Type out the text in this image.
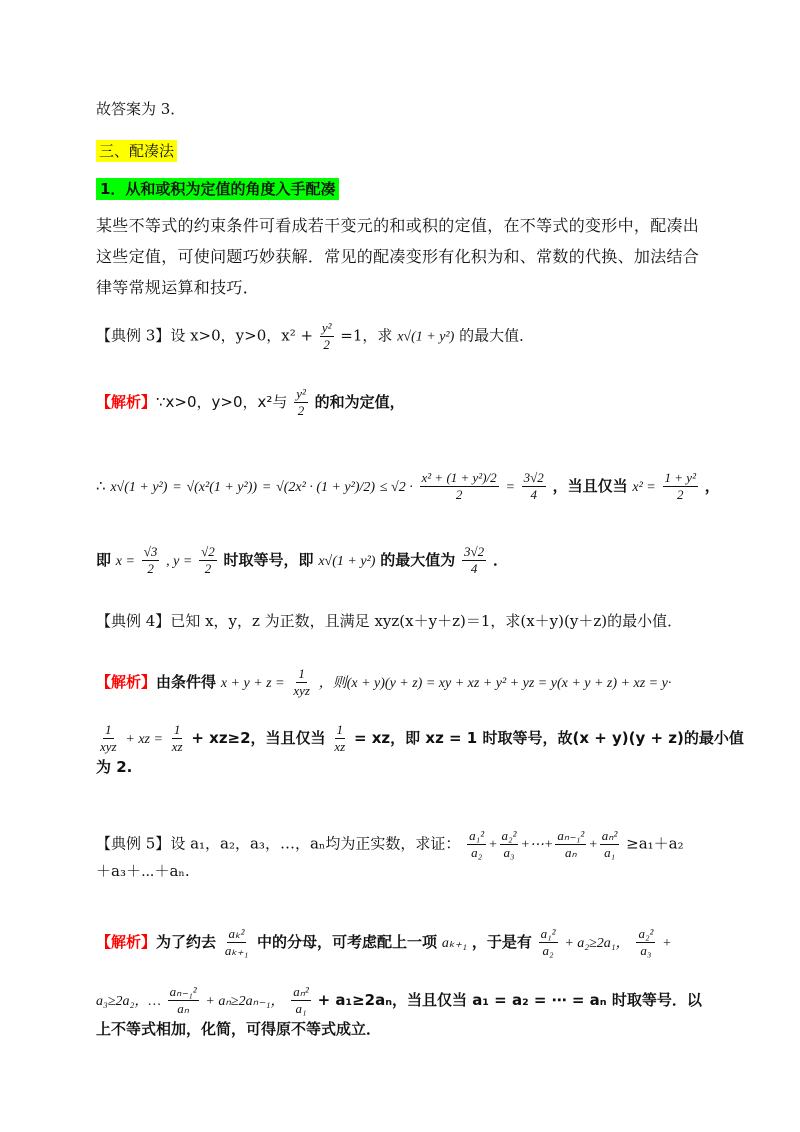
故答案为 3．
三、配凑法
1．从和或积为定值的角度入手配凑
某些不等式的约束条件可看成若干变元的和或积的定值，在不等式的变形中，配凑出
这些定值，可使问题巧妙获解．常见的配凑变形有化积为和、常数的代换、加法结合
律等常规运算和技巧．
【典例 3】设 x>0，y>0，$x^2 + \frac{\text{y²}}{2} =1$，求 x√(1 + y²) 的最大值．
【解析】∵x>0，y>0，x²与 $\frac{\text{y²}}{2}$ 的和为定值，
∴ $x√(1 + y^2) = √(x^2(1 + y^2)) = √(2x^2 \cdot (1 + y^2)/2) \le √2 \cdot \frac{\text{x² + (1 + y²)/2}}{2} = \frac{3√2}{4}$ ，当且仅当 $x^2 = \frac{\text{1 + y²}}{2}$ ，
即 $x = \frac{√3}{2}$ , $y = \frac{√2}{2}$ 时取等号，即 x√(1 + y²) 的最大值为 $\frac{3√2}{4}$ ．
【典例 4】已知 x，y，z 为正数，且满足 xyz(x＋y＋z)＝1，求(x＋y)(y＋z)的最小值．
【解析】由条件得 $x + y + z = \frac{1}{\text{xyz}}$ ，则(x + y)(y + z) = xy + xz + y² + yz = y(x + y + z) + xz = y·
$\frac{1}{\text{xyz}}$ + xz = $\frac{1}{xz} + xz\ge 2$，当且仅当 $\frac{1}{xz}$ = xz，即 xz = 1 时取等号，故(x + y)(y + z)的最小值
为 2.
【典例 5】设 a₁，a₂，a₃，…，aₙ均为正实数，求证： $\frac{\text{a₁²}}{\text{a₂}} + \frac{\text{a₂²}}{\text{a₃}}$ +⋯+ $\frac{\text{aₙ₋₁²}}{\text{aₙ}} + \frac{\text{aₙ²}}{\text{a₁}} \ge a_1+a_2$
＋a₃＋⋯＋aₙ.
【解析】为了约去 $\frac{\text{aₖ²}}{\text{aₖ₊₁}}$ 中的分母，可考虑配上一项 aₖ₊₁ ，于是有 $\frac{\text{a₁²}}{\text{a₂}} + a_2\ge 2a_1$， $\frac{\text{a₂²}}{\text{a₃}}$ +
a₃≥2a₂，… $\frac{\text{aₙ₋₁²}}{\text{aₙ}} + a_n\ge 2a_{n-1}$， $\frac{\text{aₙ²}}{\text{a₁}} + a_1\ge 2a_n$，当且仅当 a₁ = a₂ = ⋯ = aₙ 时取等号．以
上不等式相加，化简，可得原不等式成立．
